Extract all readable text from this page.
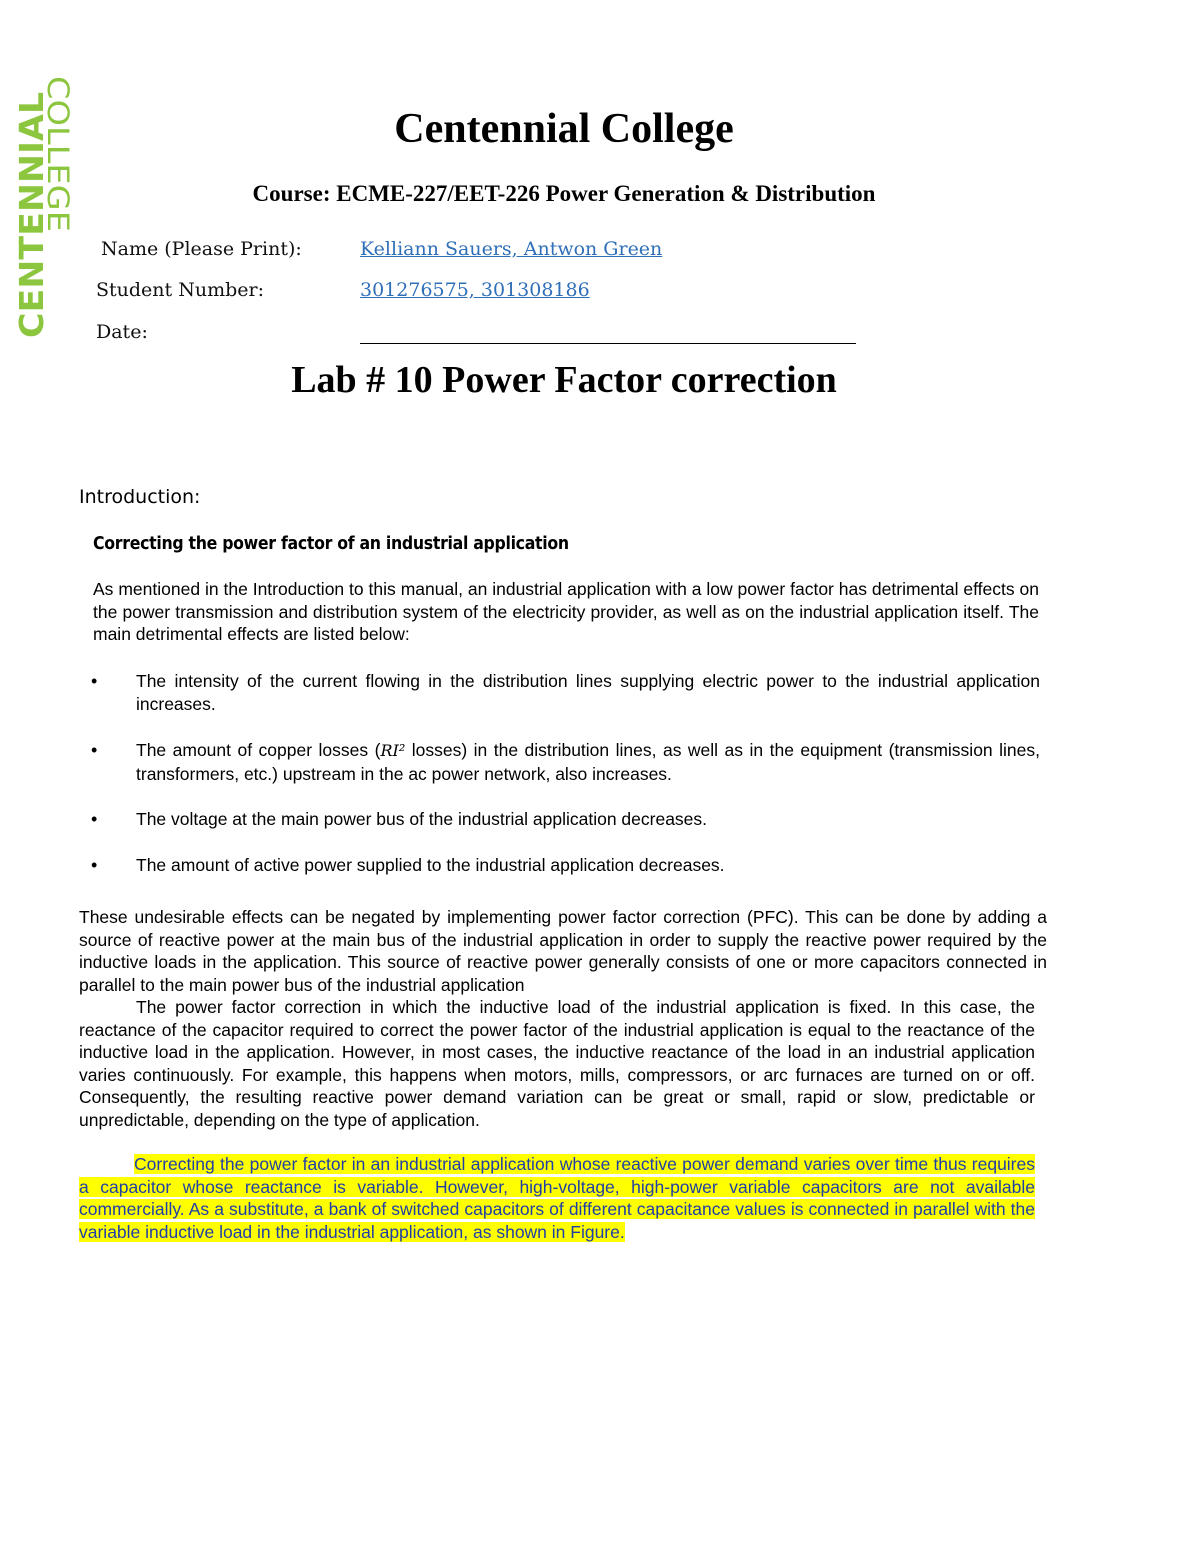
CENTENNIAL
COLLEGE	Centennial College
Course: ECME-227/EET-226 Power Generation & Distribution
Name (Please Print):	Kelliann Sauers, Antwon Green
Student Number:	301276575, 301308186
Date:
Lab # 10 Power Factor correction
Introduction:
Correcting the power factor of an industrial application

As mentioned in the Introduction to this manual, an industrial application with a low power factor has detrimental effects on the power transmission and distribution system of the electricity provider, as well as on the industrial application itself. The main detrimental effects are listed below:

• The intensity of the current flowing in the distribution lines supplying electric power to the industrial application increases.
• The amount of copper losses (RI² losses) in the distribution lines, as well as in the equipment (transmission lines, transformers, etc.) upstream in the ac power network, also increases.
• The voltage at the main power bus of the industrial application decreases.
• The amount of active power supplied to the industrial application decreases.

These undesirable effects can be negated by implementing power factor correction (PFC). This can be done by adding a source of reactive power at the main bus of the industrial application in order to supply the reactive power required by the inductive loads in the application. This source of reactive power generally consists of one or more capacitors connected in parallel to the main power bus of the industrial application

The power factor correction in which the inductive load of the industrial application is fixed. In this case, the reactance of the capacitor required to correct the power factor of the industrial application is equal to the reactance of the inductive load in the application. However, in most cases, the inductive reactance of the load in an industrial application varies continuously. For example, this happens when motors, mills, compressors, or arc furnaces are turned on or off. Consequently, the resulting reactive power demand variation can be great or small, rapid or slow, predictable or unpredictable, depending on the type of application.

Correcting the power factor in an industrial application whose reactive power demand varies over time thus requires a capacitor whose reactance is variable. However, high-voltage, high-power variable capacitors are not available commercially. As a substitute, a bank of switched capacitors of different capacitance values is connected in parallel with the variable inductive load in the industrial application, as shown in Figure.
